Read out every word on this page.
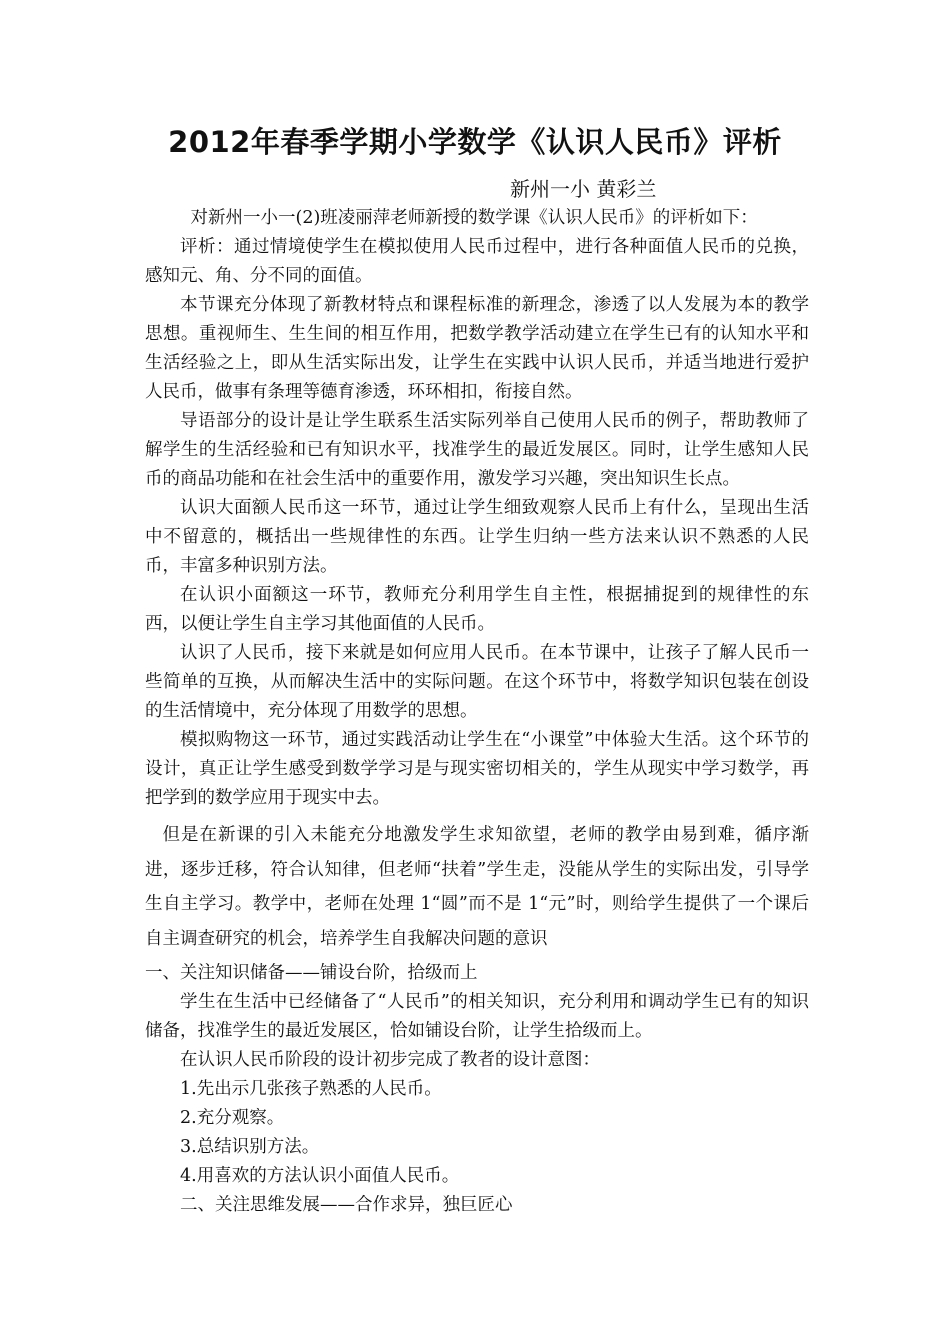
2012年春季学期小学数学《认识人民币》评析
新州一小 黄彩兰

对新州一小一(2)班凌丽萍老师新授的数学课《认识人民币》的评析如下：

评析：通过情境使学生在模拟使用人民币过程中，进行各种面值人民币的兑换，感知元、角、分不同的面值。

本节课充分体现了新教材特点和课程标准的新理念，渗透了以人发展为本的教学思想。重视师生、生生间的相互作用，把数学教学活动建立在学生已有的认知水平和生活经验之上，即从生活实际出发，让学生在实践中认识人民币，并适当地进行爱护人民币，做事有条理等德育渗透，环环相扣，衔接自然。

导语部分的设计是让学生联系生活实际列举自己使用人民币的例子，帮助教师了解学生的生活经验和已有知识水平，找准学生的最近发展区。同时，让学生感知人民币的商品功能和在社会生活中的重要作用，激发学习兴趣，突出知识生长点。

认识大面额人民币这一环节，通过让学生细致观察人民币上有什么，呈现出生活中不留意的，概括出一些规律性的东西。让学生归纳一些方法来认识不熟悉的人民币，丰富多种识别方法。

在认识小面额这一环节，教师充分利用学生自主性，根据捕捉到的规律性的东西，以便让学生自主学习其他面值的人民币。

认识了人民币，接下来就是如何应用人民币。在本节课中，让孩子了解人民币一些简单的互换，从而解决生活中的实际问题。在这个环节中，将数学知识包装在创设的生活情境中，充分体现了用数学的思想。

模拟购物这一环节，通过实践活动让学生在“小课堂”中体验大生活。这个环节的设计，真正让学生感受到数学学习是与现实密切相关的，学生从现实中学习数学，再把学到的数学应用于现实中去。

但是在新课的引入未能充分地激发学生求知欲望，老师的教学由易到难，循序渐进，逐步迁移，符合认知律，但老师“扶着”学生走，没能从学生的实际出发，引导学生自主学习。教学中，老师在处理 1“圆”而不是 1“元”时，则给学生提供了一个课后自主调查研究的机会，培养学生自我解决问题的意识

一、关注知识储备——铺设台阶，拾级而上

学生在生活中已经储备了“人民币”的相关知识，充分利用和调动学生已有的知识储备，找准学生的最近发展区，恰如铺设台阶，让学生拾级而上。

在认识人民币阶段的设计初步完成了教者的设计意图：

1.先出示几张孩子熟悉的人民币。

2.充分观察。

3.总结识别方法。

4.用喜欢的方法认识小面值人民币。

二、关注思维发展——合作求异，独巨匠心
